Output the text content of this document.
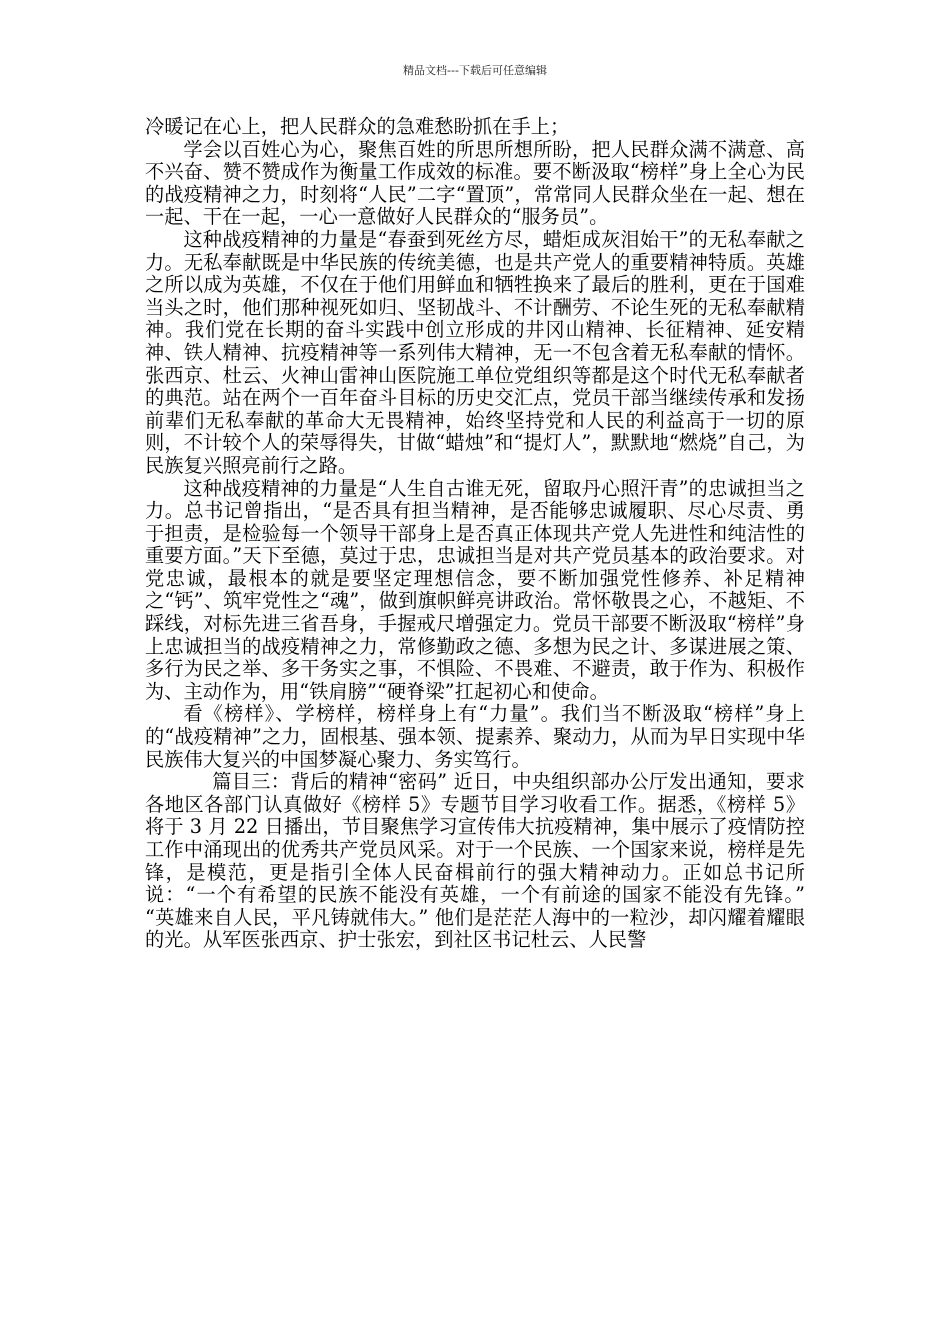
精品文档---下载后可任意编辑

冷暖记在心上，把人民群众的急难愁盼抓在手上；

学会以百姓心为心，聚焦百姓的所思所想所盼，把人民群众满不满意、高不兴奋、赞不赞成作为衡量工作成效的标准。要不断汲取“榜样”身上全心为民的战疫精神之力，时刻将“人民”二字“置顶”，常常同人民群众坐在一起、想在一起、干在一起，一心一意做好人民群众的“服务员”。

这种战疫精神的力量是“春蚕到死丝方尽，蜡炬成灰泪始干”的无私奉献之力。无私奉献既是中华民族的传统美德，也是共产党人的重要精神特质。英雄之所以成为英雄，不仅在于他们用鲜血和牺牲换来了最后的胜利，更在于国难当头之时，他们那种视死如归、坚韧战斗、不计酬劳、不论生死的无私奉献精神。我们党在长期的奋斗实践中创立形成的井冈山精神、长征精神、延安精神、铁人精神、抗疫精神等一系列伟大精神，无一不包含着无私奉献的情怀。张西京、杜云、火神山雷神山医院施工单位党组织等都是这个时代无私奉献者的典范。站在两个一百年奋斗目标的历史交汇点，党员干部当继续传承和发扬前辈们无私奉献的革命大无畏精神，始终坚持党和人民的利益高于一切的原则，不计较个人的荣辱得失，甘做“蜡烛”和“提灯人”，默默地“燃烧”自己，为民族复兴照亮前行之路。

这种战疫精神的力量是“人生自古谁无死，留取丹心照汗青”的忠诚担当之力。总书记曾指出，“是否具有担当精神，是否能够忠诚履职、尽心尽责、勇于担责，是检验每一个领导干部身上是否真正体现共产党人先进性和纯洁性的重要方面。”天下至德，莫过于忠，忠诚担当是对共产党员基本的政治要求。对党忠诚，最根本的就是要坚定理想信念，要不断加强党性修养、补足精神之“钙”、筑牢党性之“魂”，做到旗帜鲜亮讲政治。常怀敬畏之心，不越矩、不踩线，对标先进三省吾身，手握戒尺增强定力。党员干部要不断汲取“榜样”身上忠诚担当的战疫精神之力，常修勤政之德、多想为民之计、多谋进展之策、多行为民之举、多干务实之事，不惧险、不畏难、不避责，敢于作为、积极作为、主动作为，用“铁肩膀”“硬脊梁”扛起初心和使命。

看《榜样》、学榜样，榜样身上有“力量”。我们当不断汲取“榜样”身上的“战疫精神”之力，固根基、强本领、提素养、聚动力，从而为早日实现中华民族伟大复兴的中国梦凝心聚力、务实笃行。

篇目三：背后的精神“密码” 近日，中央组织部办公厅发出通知，要求各地区各部门认真做好《榜样 5》专题节目学习收看工作。据悉，《榜样 5》将于 3 月 22 日播出，节目聚焦学习宣传伟大抗疫精神，集中展示了疫情防控工作中涌现出的优秀共产党员风采。对于一个民族、一个国家来说，榜样是先锋，是模范，更是指引全体人民奋楫前行的强大精神动力。正如总书记所说：“一个有希望的民族不能没有英雄，一个有前途的国家不能没有先锋。” “英雄来自人民，平凡铸就伟大。” 他们是茫茫人海中的一粒沙，却闪耀着耀眼的光。从军医张西京、护士张宏，到社区书记杜云、人民警
